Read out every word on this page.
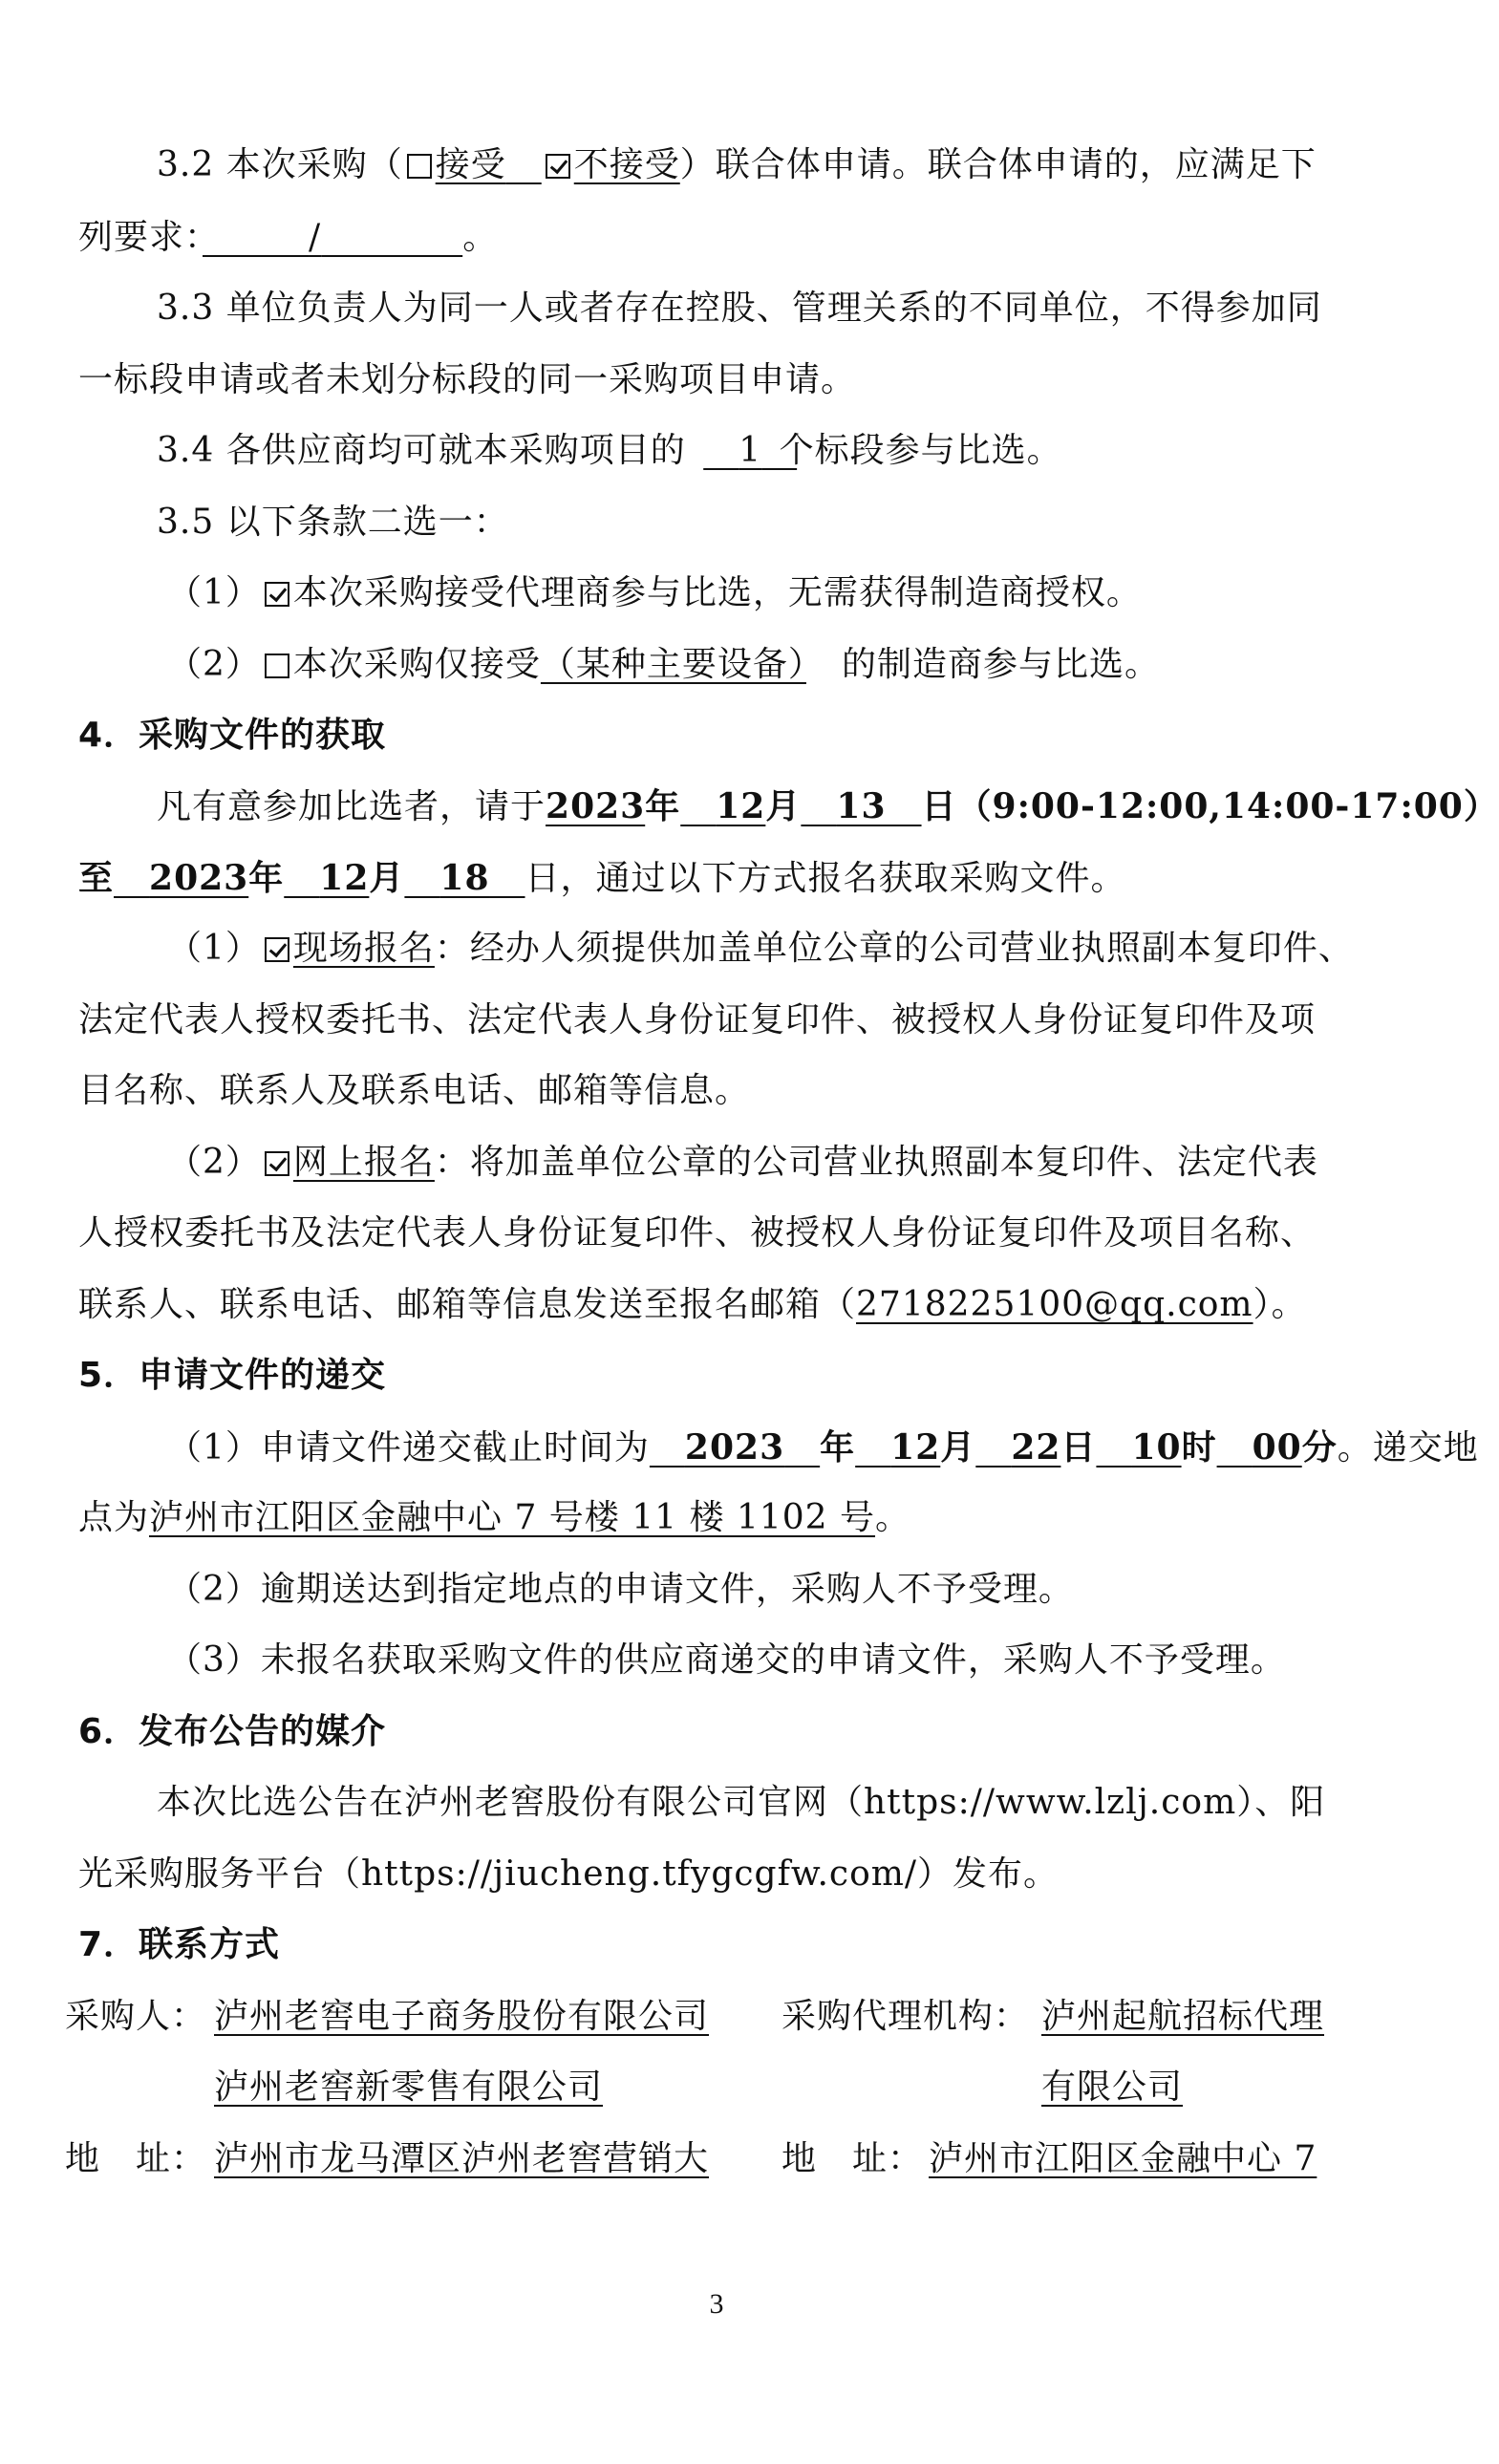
3.2 本次采购（ 接受　 不接受）联合体申请。联合体申请的，应满足下
列要求：　　　	/　　　　	。
3.3 单位负责人为同一人或者存在控股、管理关系的不同单位，不得参加同
一标段申请或者未划分标段的同一采购项目申请。
3.4 各供应商均可就本采购项目的　 1　 个标段参与比选。
3.5 以下条款二选一：
（1） 本次采购接受代理商参与比选，无需获得制造商授权。
（2） 本次采购仅接受（某种主要设备）　 的制造商参与比选。
4．采购文件的获取
凡有意参加比选者，请于2023年　 12月　 13　 日（9:00-12:00,14:00-17:00）
至　 2023年　 12月　 18　 日，通过以下方式报名获取采购文件。
（1） 现场报名：经办人须提供加盖单位公章的公司营业执照副本复印件、
法定代表人授权委托书、法定代表人身份证复印件、被授权人身份证复印件及项
目名称、联系人及联系电话、邮箱等信息。
（2） 网上报名：将加盖单位公章的公司营业执照副本复印件、法定代表
人授权委托书及法定代表人身份证复印件、被授权人身份证复印件及项目名称、
联系人、联系电话、邮箱等信息发送至报名邮箱（2718225100@qq.com）。
5．申请文件的递交
（1）申请文件递交截止时间为　 2023　 年　 12月　 22日　 10时　 00分。递交地
点为泸州市江阳区金融中心 7 号楼 11 楼 1102 号。
（2）逾期送达到指定地点的申请文件，采购人不予受理。
（3）未报名获取采购文件的供应商递交的申请文件，采购人不予受理。
6．发布公告的媒介
本次比选公告在泸州老窖股份有限公司官网（https://www.lzlj.com）、阳
光采购服务平台（https://jiucheng.tfygcgfw.com/）发布。
7．联系方式
采购人： 泸州老窖电子商务股份有限公司
泸州老窖新零售有限公司
采购代理机构： 泸州起航招标代理
有限公司
地　址： 泸州市龙马潭区泸州老窖营销大 地　址： 泸州市江阳区金融中心 7
3
